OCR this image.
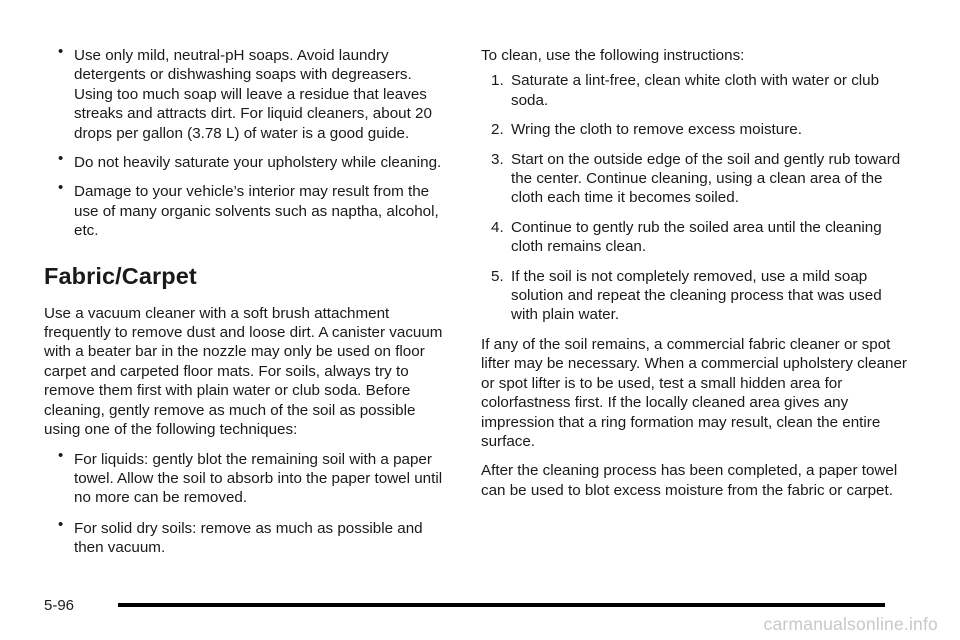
• Use only mild, neutral-pH soaps. Avoid laundry detergents or dishwashing soaps with degreasers. Using too much soap will leave a residue that leaves streaks and attracts dirt. For liquid cleaners, about 20 drops per gallon (3.78 L) of water is a good guide.
• Do not heavily saturate your upholstery while cleaning.
• Damage to your vehicle’s interior may result from the use of many organic solvents such as naptha, alcohol, etc.
Fabric/Carpet

Use a vacuum cleaner with a soft brush attachment frequently to remove dust and loose dirt. A canister vacuum with a beater bar in the nozzle may only be used on floor carpet and carpeted floor mats. For soils, always try to remove them first with plain water or club soda. Before cleaning, gently remove as much of the soil as possible using one of the following techniques:

• For liquids: gently blot the remaining soil with a paper towel. Allow the soil to absorb into the paper towel until no more can be removed.
• For solid dry soils: remove as much as possible and then vacuum.

To clean, use the following instructions:

1. Saturate a lint-free, clean white cloth with water or club soda.
2. Wring the cloth to remove excess moisture.
3. Start on the outside edge of the soil and gently rub toward the center. Continue cleaning, using a clean area of the cloth each time it becomes soiled.
4. Continue to gently rub the soiled area until the cleaning cloth remains clean.
5. If the soil is not completely removed, use a mild soap solution and repeat the cleaning process that was used with plain water.

If any of the soil remains, a commercial fabric cleaner or spot lifter may be necessary. When a commercial upholstery cleaner or spot lifter is to be used, test a small hidden area for colorfastness first. If the locally cleaned area gives any impression that a ring formation may result, clean the entire surface.

After the cleaning process has been completed, a paper towel can be used to blot excess moisture from the fabric or carpet.

5-96
carmanualsonline.info
